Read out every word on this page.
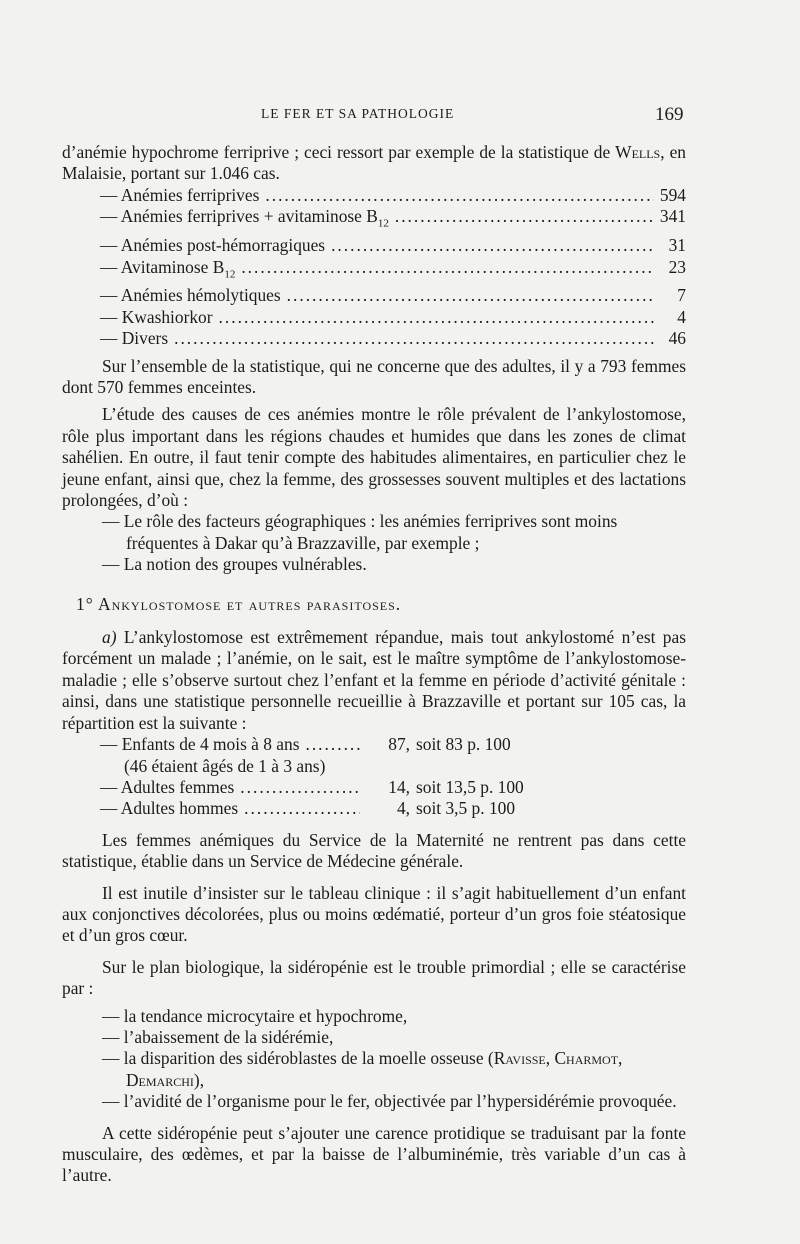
LE FER ET SA PATHOLOGIE	169

d’anémie hypochrome ferriprive ; ceci ressort par exemple de la statistique de Wells, en Malaisie, portant sur 1.046 cas.

— Anémies ferriprives .....	594
— Anémies ferriprives + avitaminose $B_{12}$ .....	341
— Anémies post-hémorragiques .....	31
— Avitaminose $B_{12}$ .....	23
— Anémies hémolytiques .....	7
— Kwashiorkor .....	4
— Divers .....	46

Sur l’ensemble de la statistique, qui ne concerne que des adultes, il y a 793 femmes dont 570 femmes enceintes.

L’étude des causes de ces anémies montre le rôle prévalent de l’ankylostomose, rôle plus important dans les régions chaudes et humides que dans les zones de climat sahélien. En outre, il faut tenir compte des habitudes alimentaires, en particulier chez le jeune enfant, ainsi que, chez la femme, des grossesses souvent multiples et des lactations prolongées, d’où :

— Le rôle des facteurs géographiques : les anémies ferriprives sont moins fréquentes à Dakar qu’à Brazzaville, par exemple ;
— La notion des groupes vulnérables.
1° Ankylostomose et autres parasitoses.

a) L’ankylostomose est extrêmement répandue, mais tout ankylostomé n’est pas forcément un malade ; l’anémie, on le sait, est le maître symptôme de l’ankylostomose-maladie ; elle s’observe surtout chez l’enfant et la femme en période d’activité génitale : ainsi, dans une statistique personnelle recueillie à Brazzaville et portant sur 105 cas, la répartition est la suivante :

— Enfants de 4 mois à 8 ans .....	87, soit 83 p. 100
(46 étaient âgés de 1 à 3 ans)
— Adultes femmes .....	14, soit 13,5 p. 100
— Adultes hommes .....	4, soit 3,5 p. 100

Les femmes anémiques du Service de la Maternité ne rentrent pas dans cette statistique, établie dans un Service de Médecine générale.

Il est inutile d’insister sur le tableau clinique : il s’agit habituellement d’un enfant aux conjonctives décolorées, plus ou moins œdématié, porteur d’un gros foie stéatosique et d’un gros cœur.

Sur le plan biologique, la sidéropénie est le trouble primordial ; elle se caractérise par :

— la tendance microcytaire et hypochrome,
— l’abaissement de la sidérémie,
— la disparition des sidéroblastes de la moelle osseuse (Ravisse, Charmot, Demarchi),
— l’avidité de l’organisme pour le fer, objectivée par l’hypersidérémie provoquée.

A cette sidéropénie peut s’ajouter une carence protidique se traduisant par la fonte musculaire, des œdèmes, et par la baisse de l’albuminémie, très variable d’un cas à l’autre.
